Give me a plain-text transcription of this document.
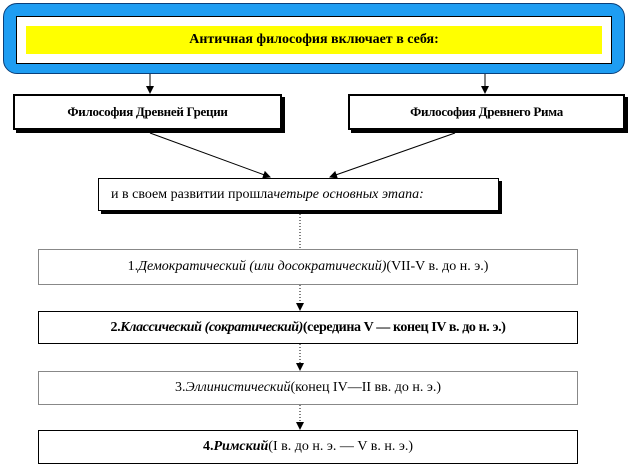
Античная философия включает в себя:
Философия Древней Греции	Философия Древнего Рима
и в своем развитии прошла четыре основных этапа:
1. Демократический (или досократический) (VII-V в. до н. э.)
2. Классический (сократический) (середина V — конец IV в. до н. э.)
3. Эллинистический (конец IV—II вв. до н. э.)
4. Римский (I в. до н. э. — V в. н. э.)
